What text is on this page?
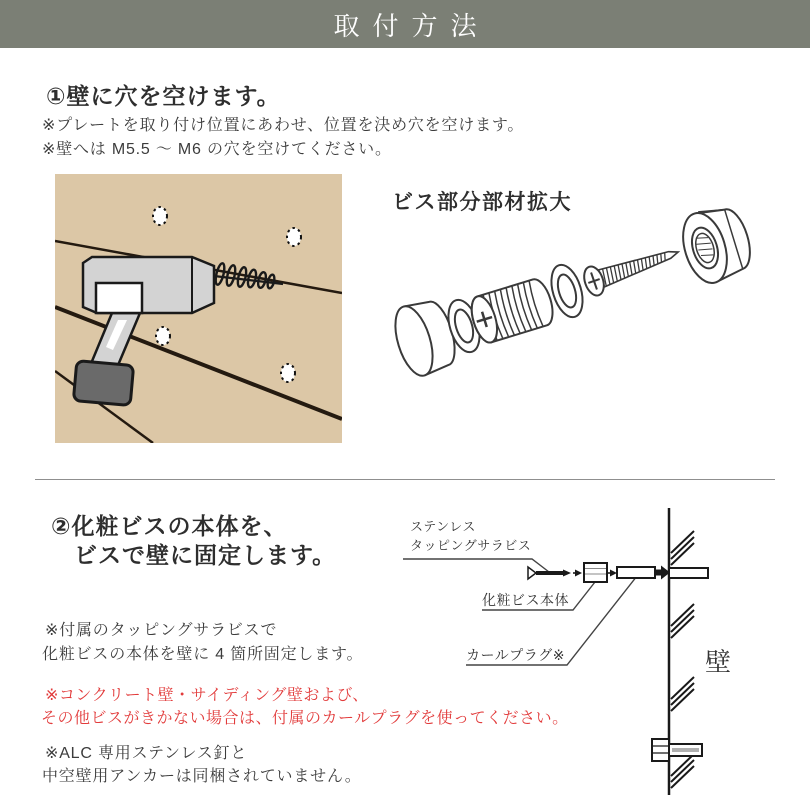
取付方法
①壁に穴を空けます。
※プレートを取り付け位置にあわせ、位置を決め穴を空けます。
※壁へは M5.5 ～ M6 の穴を空けてください。
ビス部分部材拡大
②化粧ビスの本体を、
ビスで壁に固定します。
※付属のタッピングサラビスで
化粧ビスの本体を壁に 4 箇所固定します。
※コンクリート壁・サイディング壁および、
その他ビスがきかない場合は、付属のカールプラグを使ってください。
※ALC 専用ステンレス釘と
中空壁用アンカーは同梱されていません。
ステンレス
タッピングサラビス
化粧ビス本体
カールプラグ※	壁
